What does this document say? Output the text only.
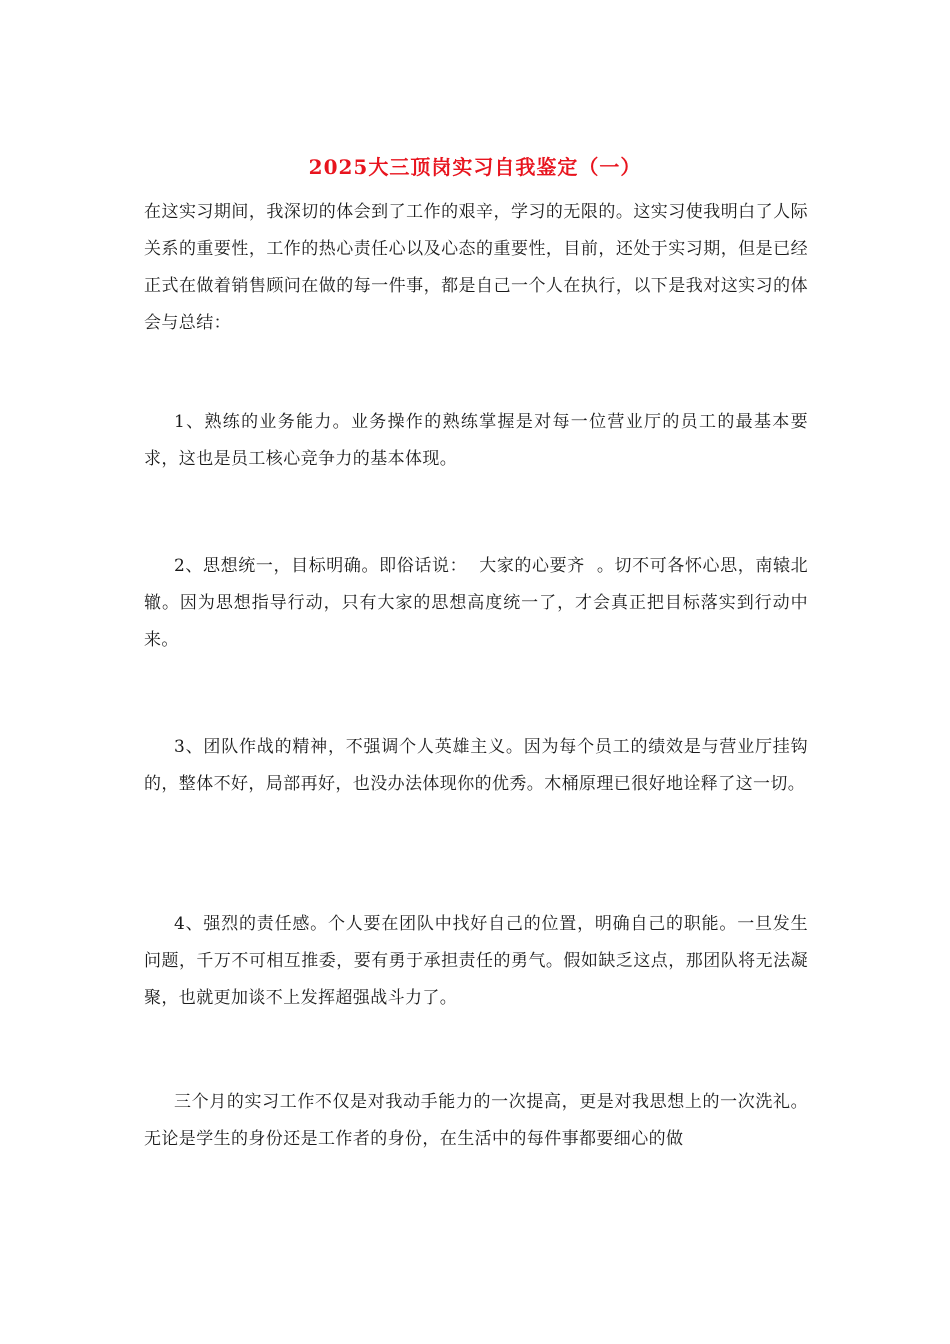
2025大三顶岗实习自我鉴定（一）

在这实习期间，我深切的体会到了工作的艰辛，学习的无限的。这实习使我明白了人际关系的重要性，工作的热心责任心以及心态的重要性，目前，还处于实习期，但是已经正式在做着销售顾问在做的每一件事，都是自己一个人在执行，以下是我对这实习的体会与总结：

1、熟练的业务能力。业务操作的熟练掌握是对每一位营业厅的员工的最基本要求，这也是员工核心竞争力的基本体现。

2、思想统一，目标明确。即俗话说：  大家的心要齐  。切不可各怀心思，南辕北辙。因为思想指导行动，只有大家的思想高度统一了，才会真正把目标落实到行动中来。

3、团队作战的精神，不强调个人英雄主义。因为每个员工的绩效是与营业厅挂钩的，整体不好，局部再好，也没办法体现你的优秀。木桶原理已很好地诠释了这一切。

4、强烈的责任感。个人要在团队中找好自己的位置，明确自己的职能。一旦发生问题，千万不可相互推委，要有勇于承担责任的勇气。假如缺乏这点，那团队将无法凝聚，也就更加谈不上发挥超强战斗力了。

三个月的实习工作不仅是对我动手能力的一次提高，更是对我思想上的一次洗礼。无论是学生的身份还是工作者的身份，在生活中的每件事都要细心的做
